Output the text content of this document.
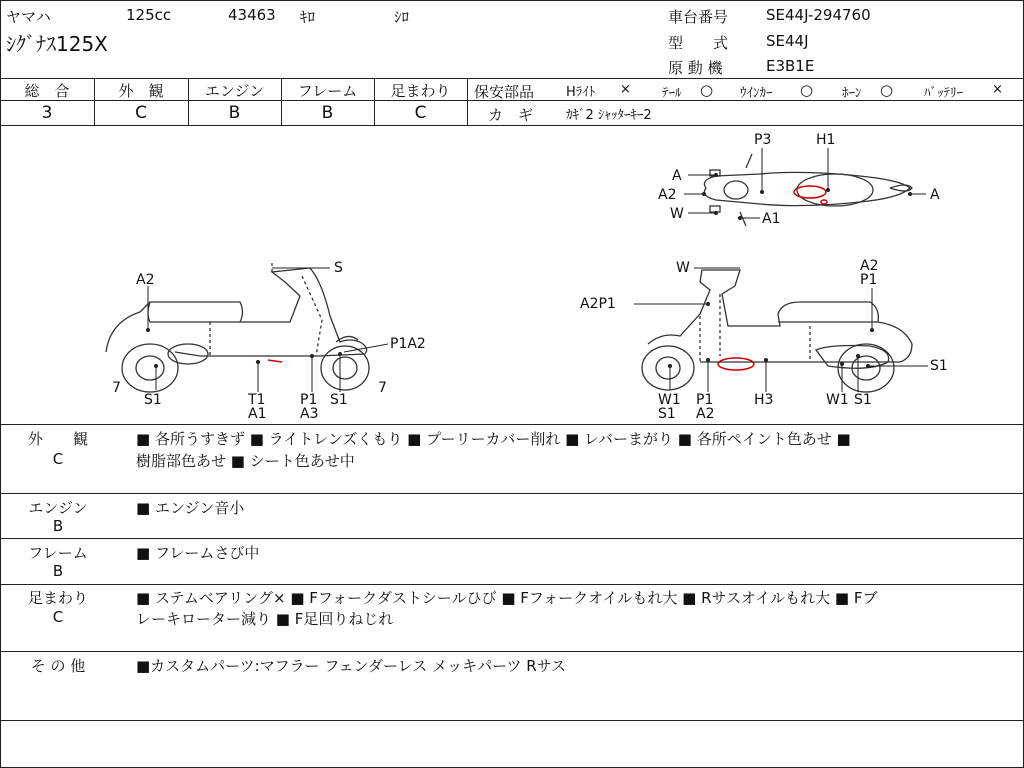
ヤマハ	125cc	43463 ｷﾛ	ｼﾛ
ｼｸﾞﾅｽ125X
車台番号	SE44J-294760
型　　式	SE44J
原 動 機	E3B1E
総　合	外　観	エンジン	フレーム	足まわり
3	C	B	B	C
保安部品 Hﾗｲﾄ × ﾃｰﾙ ○ ｳｲﾝｶｰ ○ ﾎｰﾝ ○ ﾊﾞｯﾃﾘｰ ×
カ　ギ	ｶｷﾞ2 ｼｬｯﾀｰｷｰ2
P3	H1
A
A2
W	A1
A
S
A2
P1A2
7
S1	T1
A1
P1
A3
S1
7
W	A2
P1
A2P1
S1
W1
S1
P1
A2
H3	W1 S1
外　　観
C
■ 各所うすきず ■ ライトレンズくもり ■ プーリーカバー削れ ■ レバーまがり ■ 各所ペイント色あせ ■
樹脂部色あせ ■ シート色あせ中
エンジン
B
■ エンジン音小
フレーム
B
■ フレームさび中
足まわり
C
■ ステムベアリング× ■ Fフォークダストシールひび ■ Fフォークオイルもれ大 ■ Rサスオイルもれ大 ■ Fブ
レーキローター減り ■ F足回りねじれ
そ の 他	■カスタムパーツ:マフラー フェンダーレス メッキパーツ Rサス
